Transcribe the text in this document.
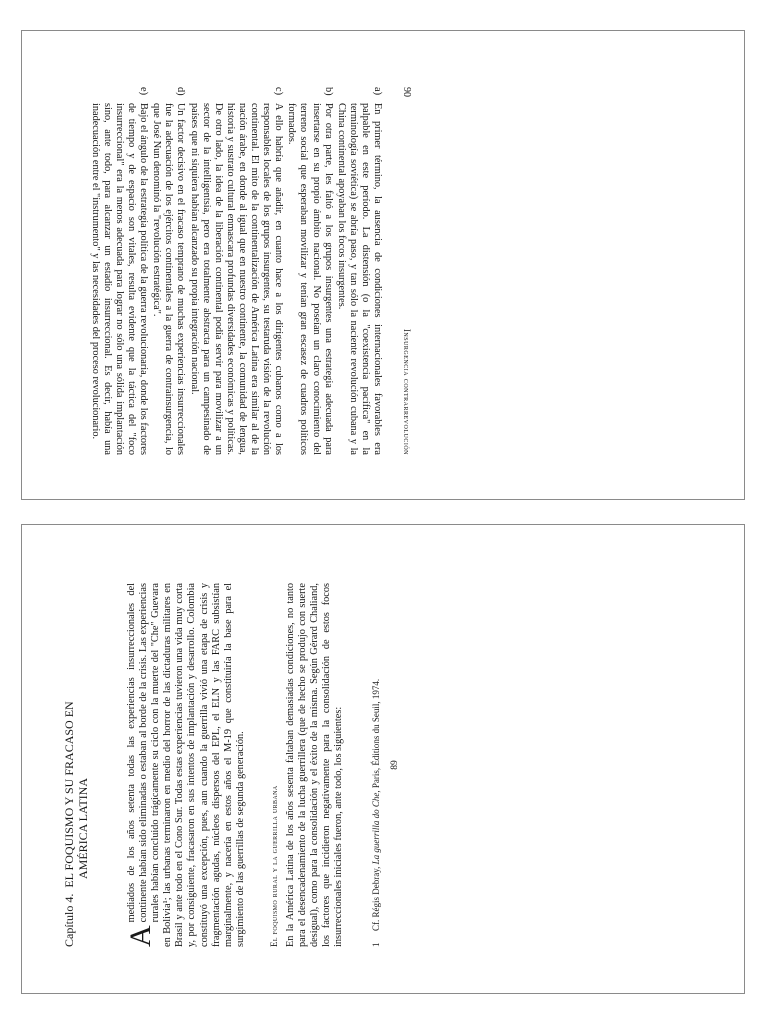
90
Insurgencia contrarrevolución
a)
En primer término, la ausencia de condiciones internacionales favorables era palpable en este período. La distensión (o la "coexistencia pacífica" en la terminología soviética) se abría paso, y tan sólo la naciente revolución cubana y la China continental apoyaban los focos insurgentes.
b)
Por otra parte, les faltó a los grupos insurgentes una estrategia adecuada para insertarse en su propio ámbito nacional. No poseían un claro conocimiento del terreno social que esperaban movilizar y tenían gran escasez de cuadros políticos formados.
c)
A ello habría que añadir, en cuanto hace a los dirigentes cubanos como a los responsables locales de los grupos insurgentes, su testaruda visión de la revolución continental. El mito de la continentalización de América Latina era similar al de la nación árabe, en donde al igual que en nuestro continente, la comunidad de lengua, historia y sustrato cultural enmascara profundas diversidades económicas y políticas. De otro lado, la idea de la liberación continental podía servir para movilizar a un sector de la intelligentsia, pero era totalmente abstracta para un campesinado de países que ni siquiera habían alcanzado su propia integración nacional.
d)
Un factor decisivo en el fracaso temprano de muchas experiencias insurreccionales fue la adecuación de los ejércitos continentales a la guerra de contrainsurgencia, lo que José Nun denominó la "revolución estratégica".
e)
Bajo el ángulo de la estrategia política de la guerra revolucionaria, donde los factores de tiempo y de espacio son vitales, resulta evidente que la táctica del "foco insurreccional" era la menos adecuada para lograr no sólo una sólida implantación sino, ante todo, para alcanzar un estadio insurreccional. Es decir, había una inadecuación entre el "instrumento" y las necesidades del proceso revolucionario.
Capítulo 4.  EL FOQUISMO Y SU FRACASO EN AMÉRICA LATINA

A
mediados de los años setenta todas las experiencias insurreccionales del continente habían sido eliminadas o estaban al borde de la crisis. Las experiencias rurales habían concluido trágicamente su ciclo con la muerte del "Che" Guevara en Bolivia¹; las urbanas terminaron en medio del horror de las dictaduras militares en Brasil y ante todo en el Cono Sur. Todas estas experiencias tuvieron una vida muy corta y, por consiguiente, fracasaron en sus intentos de implantación y desarrollo. Colombia constituyó una excepción, pues, aun cuando la guerrilla vivió una etapa de crisis y fragmentación agudas, núcleos dispersos del EPL, el ELN y las FARC subsistían marginalmente, y nacería en estos años el M-19 que constituiría la base para el surgimiento de las guerrillas de segunda generación.	El foquismo rural y la guerrilla urbana En la América Latina de los años sesenta faltaban demasiadas condiciones, no tanto para el desencadenamiento de la lucha guerrillera (que de hecho se produjo con suerte desigual), como para la consolidación y el éxito de la misma. Según Gérard Chaliand, los factores que incidieron negativamente para la consolidación de estos focos insurreccionales iniciales fueron, ante todo, los siguientes:	1
Cf. Régis Debray, La guerrilla do Che, Paris, Éditions du Seuil, 1974. 89
